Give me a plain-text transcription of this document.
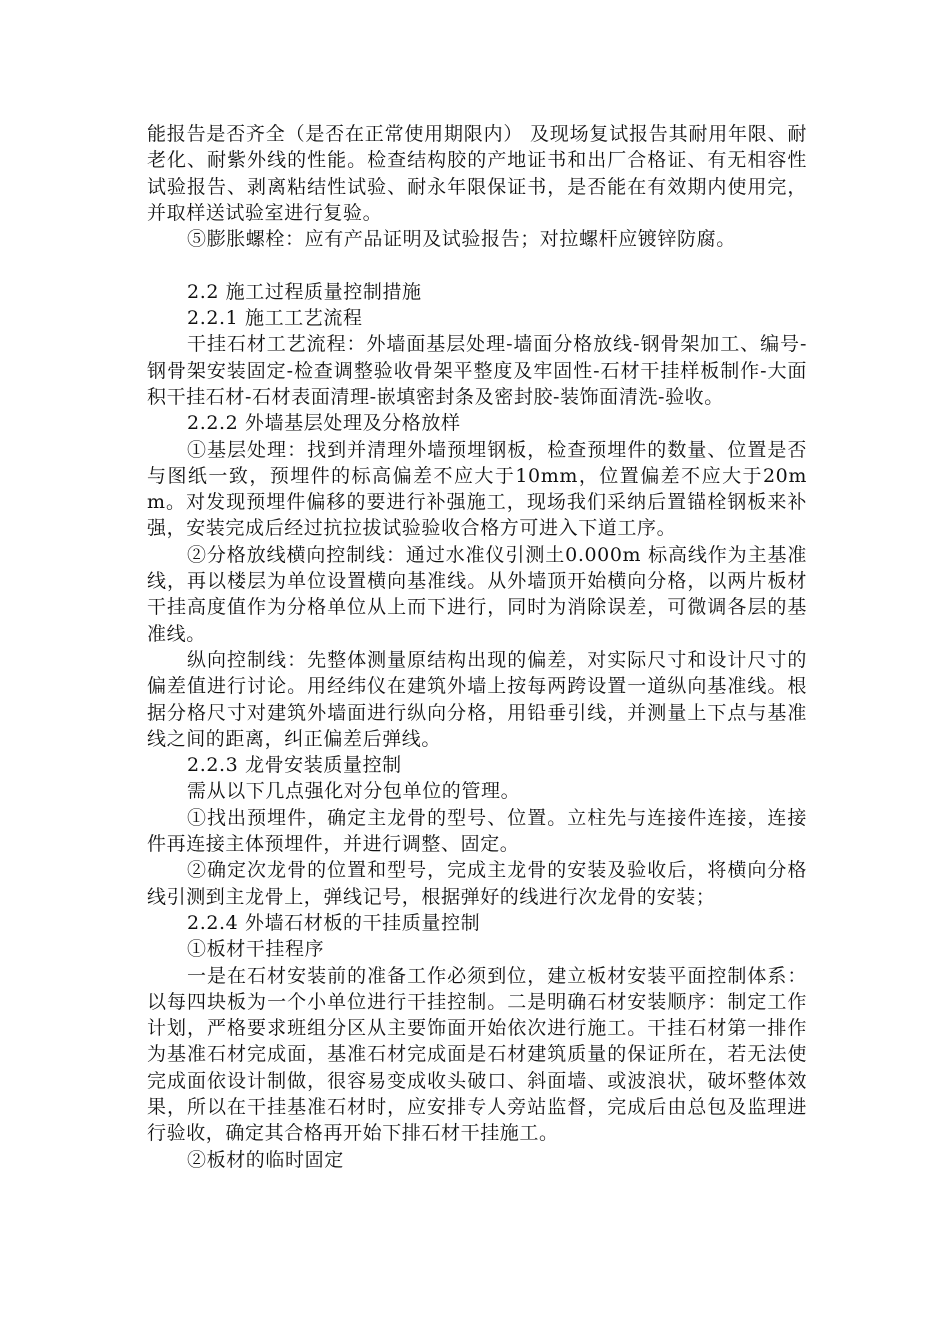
能报告是否齐全（是否在正常使用期限内） 及现场复试报告其耐用年限、耐老化、耐紫外线的性能。检查结构胶的产地证书和出厂合格证、有无相容性试验报告、剥离粘结性试验、耐永年限保证书，是否能在有效期内使用完，并取样送试验室进行复验。

⑤膨胀螺栓：应有产品证明及试验报告；对拉螺杆应镀锌防腐。

2.2 施工过程质量控制措施

2.2.1 施工工艺流程

干挂石材工艺流程：外墙面基层处理-墙面分格放线-钢骨架加工、编号-钢骨架安装固定-检查调整验收骨架平整度及牢固性-石材干挂样板制作-大面积干挂石材-石材表面清理-嵌填密封条及密封胶-装饰面清洗-验收。

2.2.2 外墙基层处理及分格放样

①基层处理：找到并清理外墙预埋钢板，检查预埋件的数量、位置是否与图纸一致，预埋件的标高偏差不应大于10mm，位置偏差不应大于20mm。对发现预埋件偏移的要进行补强施工，现场我们采纳后置锚栓钢板来补强，安装完成后经过抗拉拔试验验收合格方可进入下道工序。

②分格放线横向控制线：通过水准仪引测土0.000m 标高线作为主基准线，再以楼层为单位设置横向基准线。从外墙顶开始横向分格，以两片板材干挂高度值作为分格单位从上而下进行，同时为消除误差，可微调各层的基准线。

纵向控制线：先整体测量原结构出现的偏差，对实际尺寸和设计尺寸的偏差值进行讨论。用经纬仪在建筑外墙上按每两跨设置一道纵向基准线。根据分格尺寸对建筑外墙面进行纵向分格，用铅垂引线，并测量上下点与基准线之间的距离，纠正偏差后弹线。

2.2.3 龙骨安装质量控制

需从以下几点强化对分包单位的管理。

①找出预埋件，确定主龙骨的型号、位置。立柱先与连接件连接，连接件再连接主体预埋件，并进行调整、固定。

②确定次龙骨的位置和型号，完成主龙骨的安装及验收后，将横向分格线引测到主龙骨上，弹线记号，根据弹好的线进行次龙骨的安装；

2.2.4 外墙石材板的干挂质量控制

①板材干挂程序

一是在石材安装前的准备工作必须到位，建立板材安装平面控制体系：以每四块板为一个小单位进行干挂控制。二是明确石材安装顺序：制定工作计划，严格要求班组分区从主要饰面开始依次进行施工。干挂石材第一排作为基准石材完成面，基准石材完成面是石材建筑质量的保证所在，若无法使完成面依设计制做，很容易变成收头破口、斜面墙、或波浪状，破坏整体效果，所以在干挂基准石材时，应安排专人旁站监督，完成后由总包及监理进行验收，确定其合格再开始下排石材干挂施工。

②板材的临时固定
